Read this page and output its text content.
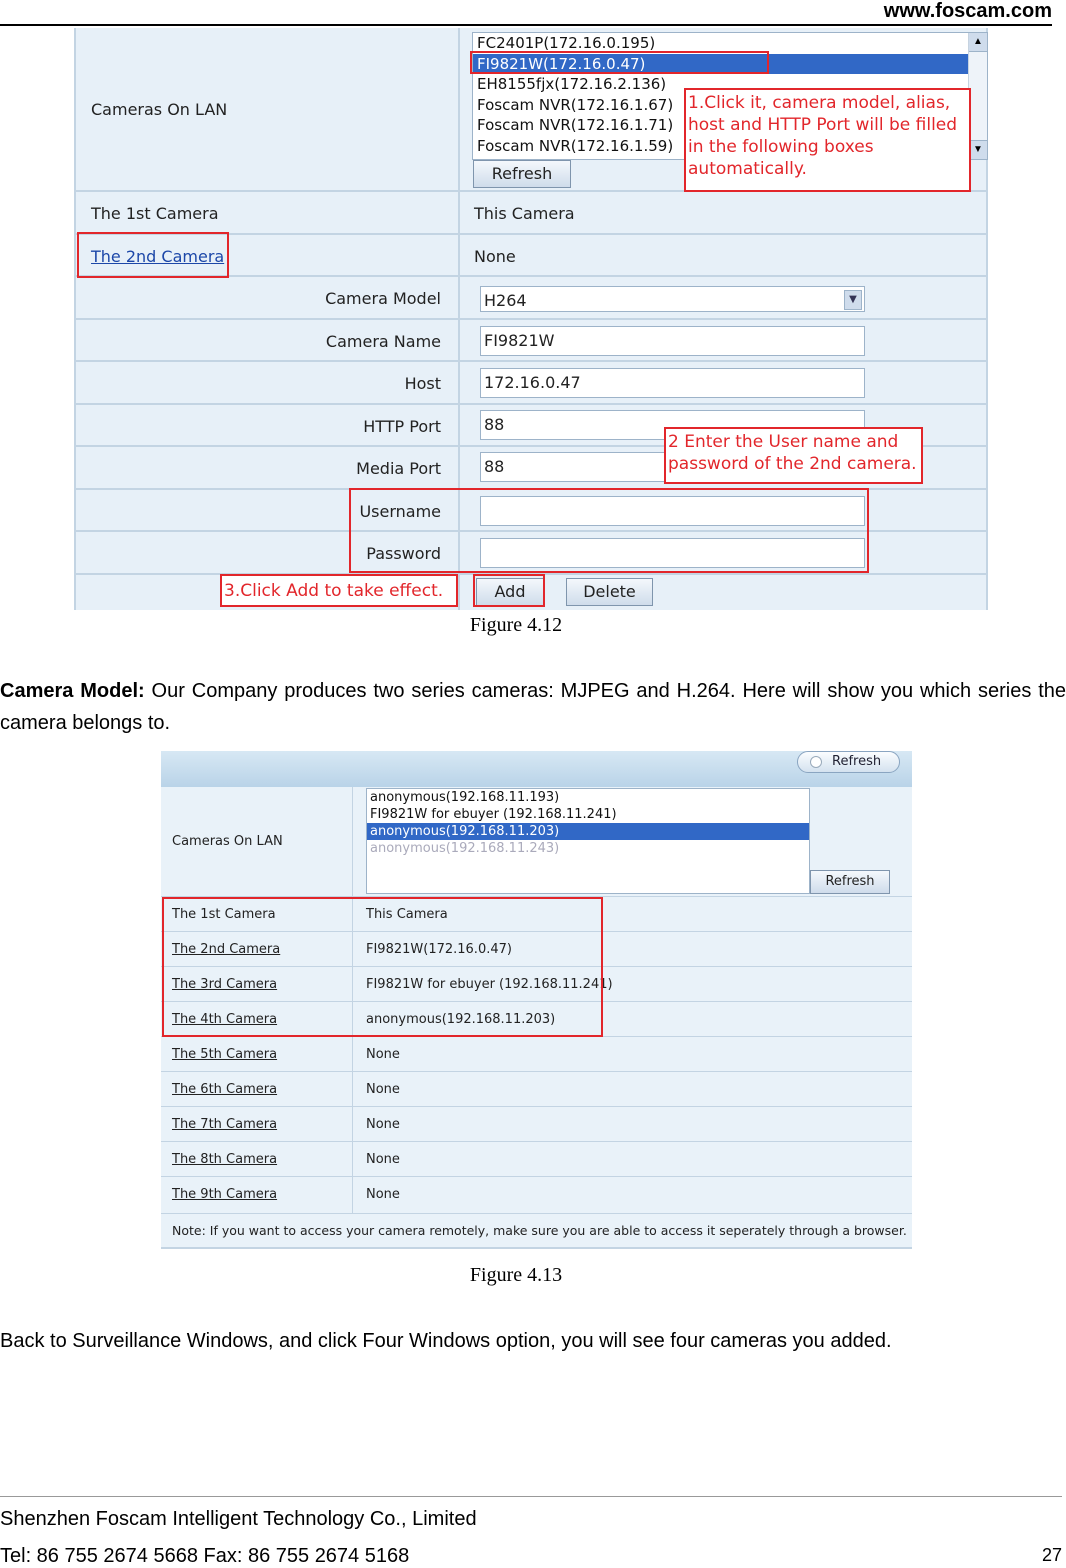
www.foscam.com
Cameras On LAN
FC2401P(172.16.0.195)
FI9821W(172.16.0.47)
EH8155fjx(172.16.2.136)
Foscam NVR(172.16.1.67)
Foscam NVR(172.16.1.71)
Foscam NVR(172.16.1.59)
▲
▼
Refresh
The 1st Camera	This Camera
The 2nd Camera	None
Camera Model	H264	▼
Camera Name	FI9821W
Host	172.16.0.47
HTTP Port	88
Media Port	88
Username
Password
Add	Delete
1.Click it, camera model, alias, host and HTTP Port will be filled in the following boxes automatically.
2 Enter the User name and password of the 2nd camera.
3.Click Add to take effect.
Figure 4.12
Camera Model: Our Company produces two series cameras: MJPEG and H.264. Here will show you which series the camera belongs to.
Refresh
Cameras On LAN
anonymous(192.168.11.193)
FI9821W for ebuyer (192.168.11.241)
anonymous(192.168.11.203)
anonymous(192.168.11.243)
Refresh
The 1st Camera	This Camera
The 2nd Camera	FI9821W(172.16.0.47)
The 3rd Camera	FI9821W for ebuyer (192.168.11.241)
The 4th Camera	anonymous(192.168.11.203)
The 5th Camera	None
The 6th Camera	None
The 7th Camera	None
The 8th Camera	None
The 9th Camera	None
Note: If you want to access your camera remotely, make sure you are able to access it seperately through a browser.
Figure 4.13
Back to Surveillance Windows, and click Four Windows option, you will see four cameras you added.
Shenzhen Foscam Intelligent Technology Co., Limited
Tel: 86 755 2674 5668 Fax: 86 755 2674 5168	27
